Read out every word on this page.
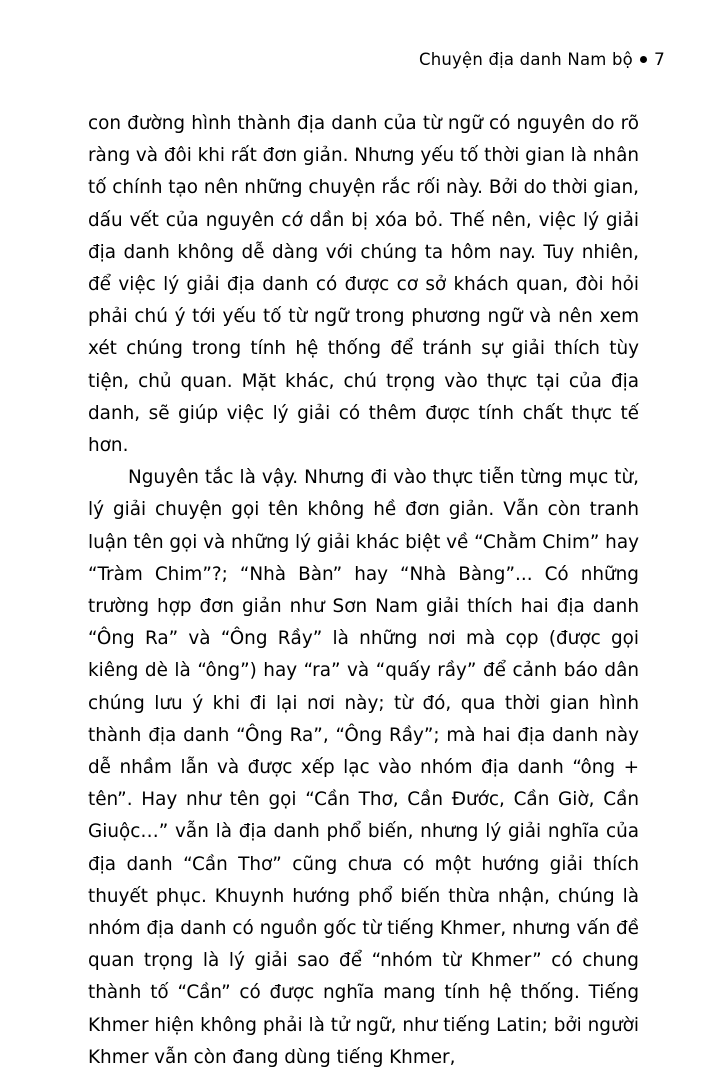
Chuyện địa danh Nam bộ 7

con đường hình thành địa danh của từ ngữ có nguyên do rõ ràng và đôi khi rất đơn giản. Nhưng yếu tố thời gian là nhân tố chính tạo nên những chuyện rắc rối này. Bởi do thời gian, dấu vết của nguyên cớ dần bị xóa bỏ. Thế nên, việc lý giải địa danh không dễ dàng với chúng ta hôm nay. Tuy nhiên, để việc lý giải địa danh có được cơ sở khách quan, đòi hỏi phải chú ý tới yếu tố từ ngữ trong phương ngữ và nên xem xét chúng trong tính hệ thống để tránh sự giải thích tùy tiện, chủ quan. Mặt khác, chú trọng vào thực tại của địa danh, sẽ giúp việc lý giải có thêm được tính chất thực tế hơn.

Nguyên tắc là vậy. Nhưng đi vào thực tiễn từng mục từ, lý giải chuyện gọi tên không hề đơn giản. Vẫn còn tranh luận tên gọi và những lý giải khác biệt về “Chằm Chim” hay “Tràm Chim”?; “Nhà Bàn” hay “Nhà Bàng”... Có những trường hợp đơn giản như Sơn Nam giải thích hai địa danh “Ông Ra” và “Ông Rầy” là những nơi mà cọp (được gọi kiêng dè là “ông”) hay “ra” và “quấy rầy” để cảnh báo dân chúng lưu ý khi đi lại nơi này; từ đó, qua thời gian hình thành địa danh “Ông Ra”, “Ông Rầy”; mà hai địa danh này dễ nhầm lẫn và được xếp lạc vào nhóm địa danh “ông + tên”. Hay như tên gọi “Cần Thơ, Cần Đước, Cần Giờ, Cần Giuộc…” vẫn là địa danh phổ biến, nhưng lý giải nghĩa của địa danh “Cần Thơ” cũng chưa có một hướng giải thích thuyết phục. Khuynh hướng phổ biến thừa nhận, chúng là nhóm địa danh có nguồn gốc từ tiếng Khmer, nhưng vấn đề quan trọng là lý giải sao để “nhóm từ Khmer” có chung thành tố “Cần” có được nghĩa mang tính hệ thống. Tiếng Khmer hiện không phải là tử ngữ, như tiếng Latin; bởi người Khmer vẫn còn đang dùng tiếng Khmer,
